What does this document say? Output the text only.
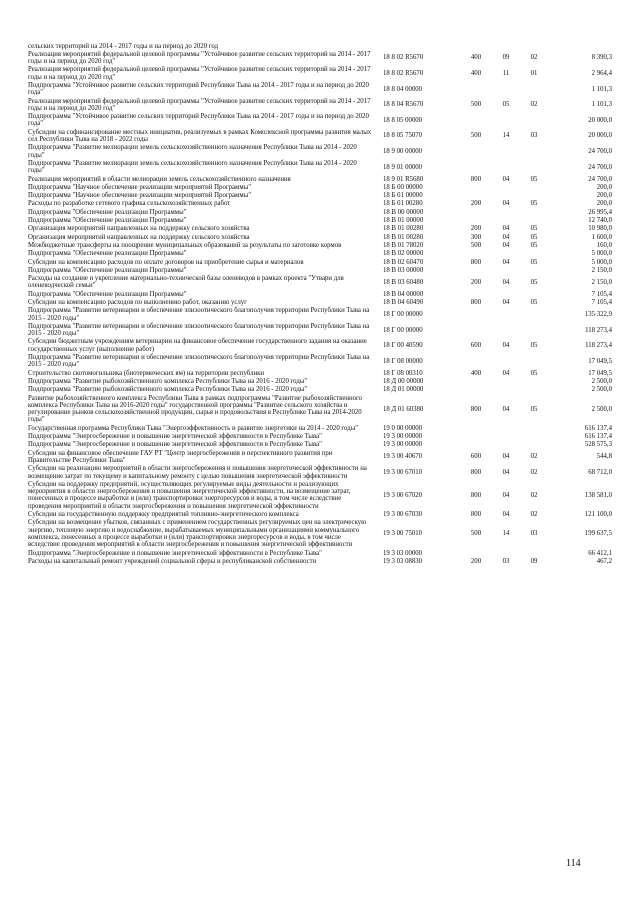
сельских территорий на 2014 - 2017 годы и на период до 2020 год
Реализация мероприятий федеральной целевой программы "Устойчивое развитие сельских территорий на 2014 - 2017 годы и на период до 2020 год"
18 8 02 R5670	400	09	02	8 390,3
Реализация мероприятий федеральной целевой программы "Устойчивое развитие сельских территорий на 2014 - 2017 годы и на период до 2020 год"
18 8 02 R5670	400	11	01	2 964,4
Подпрограмма "Устойчивое развитие сельских территорий Республики Тыва на 2014 - 2017 годы и на период до 2020 года"
18 8 04 00000	1 101,3
Реализация мероприятий федеральной целевой программы "Устойчивое развитие сельских территорий на 2014 - 2017 годы и на период до 2020 год"
18 8 04 R5670	500	05	02	1 101,3
Подпрограмма "Устойчивое развитие сельских территорий Республики Тыва на 2014 - 2017 годы и на период до 2020 года"
18 8 05 00000	20 000,0
Субсидии на софинансирование местных инициатив, реализуемых в рамках Комплексной программы развития малых сел Республики Тыва на 2018 - 2022 годы
18 8 05 75070	500	14	03	20 000,0
Подпрограмма "Развитие мелиорации земель сельскохозяйственного назначения Республики Тыва на 2014 - 2020 годы"
18 9 00 00000	24 700,0
Подпрограмма "Развитие мелиорации земель сельскохозяйственного назначения Республики Тыва на 2014 - 2020 годы"
18 9 01 00000	24 700,0
Реализация мероприятий в области мелиорации земель сельскохозяйственного назначения	18 9 01 R5680	800	04	05	24 700,0
Подпрограмма "Научное обеспечение реализации мероприятий Программы"	18 Б 00 00000	200,0
Подпрограмма "Научное обеспечение реализации мероприятий Программы"	18 Б 01 00000	200,0
Расходы по разработке сетевого графика сельскохозяйственных работ	18 Б 01 00280	200	04	05	200,0
Подпрограмма "Обеспечение реализации Программы"	18 В 00 00000	26 995,4
Подпрограмма "Обеспечение реализации Программы"	18 В 01 00000	12 740,0
Организация мероприятий направленных на поддержку сельского хозяйства	18 В 01 00280	200	04	05	10 980,0
Организация мероприятий направленных на поддержку сельского хозяйства	18 В 01 00280	300	04	05	1 600,0
Межбюджетные трансферты на поощрение муниципальных образований за результаты по заготовке кормов	18 В 01 78020	500	04	05	160,0
Подпрограмма "Обеспечение реализации Программы"	18 В 02 00000	5 000,0
Субсидии на компенсацию расходов по оплате договоров на приобретение сырья и материалов	18 В 02 60470	800	04	05	5 000,0
Подпрограмма "Обеспечение реализации Программы"	18 В 03 00000	2 150,0
Расходы на создание и укрепление материально-технической базы оленеводов в рамках проекта "Утвари для оленеводческой семьи"
18 В 03 60480	200	04	05	2 150,0
Подпрограмма "Обеспечение реализации Программы"	18 В 04 00000	7 105,4
Субсидии на компенсацию расходов по выполнению работ, оказанию услуг	18 В 04 60490	800	04	05	7 105,4
Подпрограмма "Развитие ветеринарии и обеспечение эпизоотического благополучия территории Республики Тыва на 2015 - 2020 годы"
18 Г 00 00000	135 322,9
Подпрограмма "Развитие ветеринарии и обеспечение эпизоотического благополучия территории Республики Тыва на 2015 - 2020 годы"
18 Г 00 00000	118 273,4
Субсидии бюджетным учреждениям ветеринарии на финансовое обеспечение государственного задания на оказание государственных услуг (выполнение работ)
18 Г 00 40590	600	04	05	118 273,4
Подпрограмма "Развитие ветеринарии и обеспечение эпизоотического благополучия территории Республики Тыва на 2015 - 2020 годы"
18 Г 08 00000	17 049,5
Строительство скотомогильника (биотермических ям) на территории республики	18 Г 08 00310	400	04	05	17 049,5
Подпрограмма "Развитие рыбохозяйственного комплекса Республики Тыва на 2016 - 2020 годы"	18 Д 00 00000	2 500,0
Подпрограмма "Развитие рыбохозяйственного комплекса Республики Тыва на 2016 - 2020 годы"	18 Д 01 00000	2 500,0
Развитие рыбохозяйственного комплекса Республики Тыва в рамках подпрограммы "Развитие рыбохозяйственного комплекса Республики Тыва на 2016-2020 годы" государственной программы "Развитие сельского хозяйства и регулирование рынков сельскохозяйственной продукции, сырья и продовольствия в Республике Тыва на 2014-2020 годы"
18 Д 01 60380	800	04	05	2 500,0
Государственная программа Республики Тыва "Энергоэффективность и развитие энергетики на 2014 - 2020 годы"	19 0 00 00000	616 137,4
Подпрограмма "Энергосбережение и повышение энергетической эффективности в Республике Тыва"	19 3 00 00000	616 137,4
Подпрограмма "Энергосбережение и повышение энергетической эффективности в Республике Тыва"	19 3 00 00000	528 575,3
Субсидии на финансовое обеспечение ГАУ РТ "Центр энергосбережения и перспективного развития при Правительстве Республики Тыва"
19 3 00 40670	600	04	02	544,8
Субсидии на реализацию мероприятий в области энергосбережения и повышения энергетической эффективности на возмещение затрат по текущему и капитальному ремонту с целью повышения энергетической эффективности
19 3 00 67010	800	04	02	68 712,0
Субсидии на поддержку предприятий, осуществляющих регулируемые виды деятельности и реализующих мероприятия в области энергосбережения и повышения энергетической эффективности, на возмещение затрат, понесенных в процессе выработки и (или) транспортировки энергоресурсов и воды, в том числе вследствие проведения мероприятий в области энергосбережения и повышения энергетической эффективности
19 3 00 67020	800	04	02	138 581,0
Субсидии на государственную поддержку предприятий топливно-энергетического комплекса	19 3 00 67030	800	04	02	121 100,0
Субсидии на возмещение убытков, связанных с применением государственных регулируемых цен на электрическую энергию, тепловую энергию и водоснабжение, вырабатываемых муниципальными организациями коммунального комплекса, понесенных в процессе выработки и (или) транспортировки энергоресурсов и воды, в том числе вследствие проведения мероприятий в области энергосбережения и повышения энергетической эффективности
19 3 00 75010	500	14	03	199 637,5
Подпрограмма "Энергосбережение и повышение энергетической эффективности в Республике Тыва"	19 3 03 00000	66 412,1
Расходы на капитальный ремонт учреждений социальной сферы и республиканской собственности	19 3 03 08830	200	03	09	467,2
114
